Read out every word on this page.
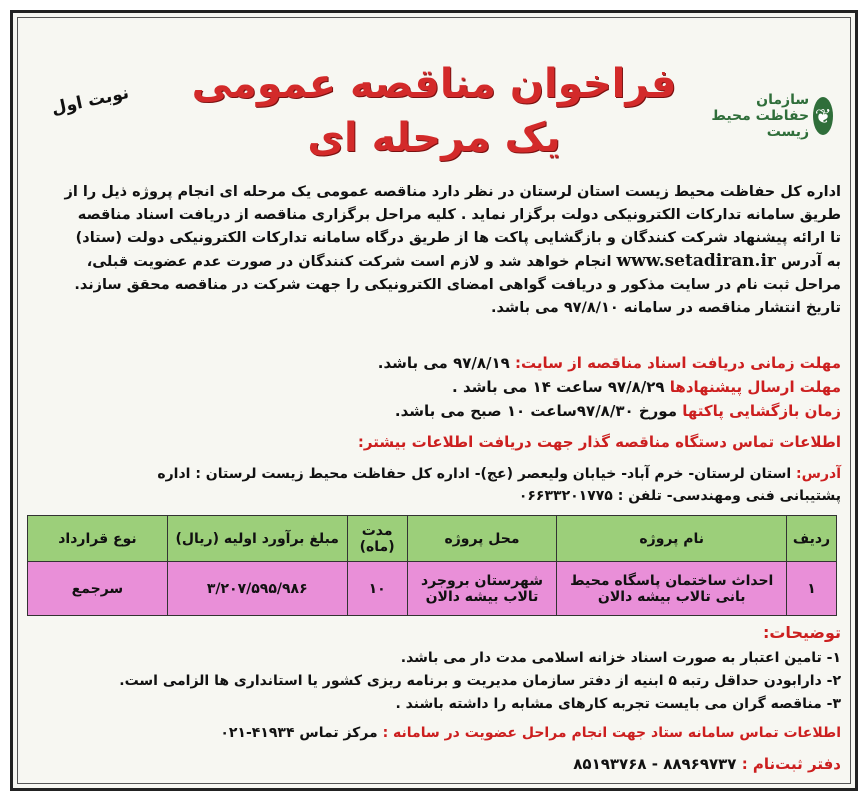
❦
سازمان حفاظت محیط زیست
فراخوان مناقصه عمومی
یک مرحله ای
نوبت اول

اداره کل حفاظت محیط زیست استان لرستان در نظر دارد مناقصه عمومی یک مرحله ای انجام پروژه ذیل را از

طریق سامانه تدارکات الکترونیکی دولت برگزار نماید . کلیه مراحل برگزاری مناقصه از دریافت اسناد مناقصه

تا ارائه پیشنهاد شرکت کنندگان و بازگشایی پاکت ها از طریق درگاه سامانه تدارکات الکترونیکی دولت (ستاد)

به آدرس www.setadiran.ir انجام خواهد شد و لازم است شرکت کنندگان در صورت عدم عضویت قبلی،

مراحل ثبت نام در سایت مذکور و دریافت گواهی امضای الکترونیکی را جهت شرکت در مناقصه محقق سازند.

تاریخ انتشار مناقصه در سامانه ۹۷/۸/۱۰ می باشد.

مهلت زمانی دریافت اسناد مناقصه از سایت: ۹۷/۸/۱۹ می باشد.
مهلت ارسال پیشنهادها ۹۷/۸/۲۹ ساعت ۱۴ می باشد .
زمان بازگشایی پاکتها مورخ ۹۷/۸/۳۰ساعت ۱۰ صبح می باشد.
اطلاعات تماس دستگاه مناقصه گذار جهت دریافت اطلاعات بیشتر:
آدرس: استان لرستان- خرم آباد- خیابان ولیعصر (عج)- اداره کل حفاظت محیط زیست لرستان : اداره
پشتیبانی فنی ومهندسی- تلفن : ۰۶۶۳۳۲۰۱۷۷۵
ردیف	نام پروژه	محل پروژه	مدت (ماه)	مبلغ برآورد اولیه (ریال)	نوع قرارداد
۱	احداث ساختمان پاسگاه محیط بانی تالاب بیشه دالان	شهرستان بروجرد تالاب بیشه دالان	۱۰	۳/۲۰۷/۵۹۵/۹۸۶	سرجمع
توضیحات:
۱- تامین اعتبار به صورت اسناد خزانه اسلامی مدت دار می باشد.
۲- دارابودن حداقل رتبه ۵ ابنیه از دفتر سازمان مدیریت و برنامه ریزی کشور یا استانداری ها الزامی است.
۳- مناقصه گران می بایست تجربه کارهای مشابه را داشته باشند .
اطلاعات تماس سامانه ستاد جهت انجام مراحل عضویت در سامانه : مرکز تماس ۴۱۹۳۴-۰۲۱
دفتر ثبت‌نام : ۸۸۹۶۹۷۳۷ - ۸۵۱۹۳۷۶۸
